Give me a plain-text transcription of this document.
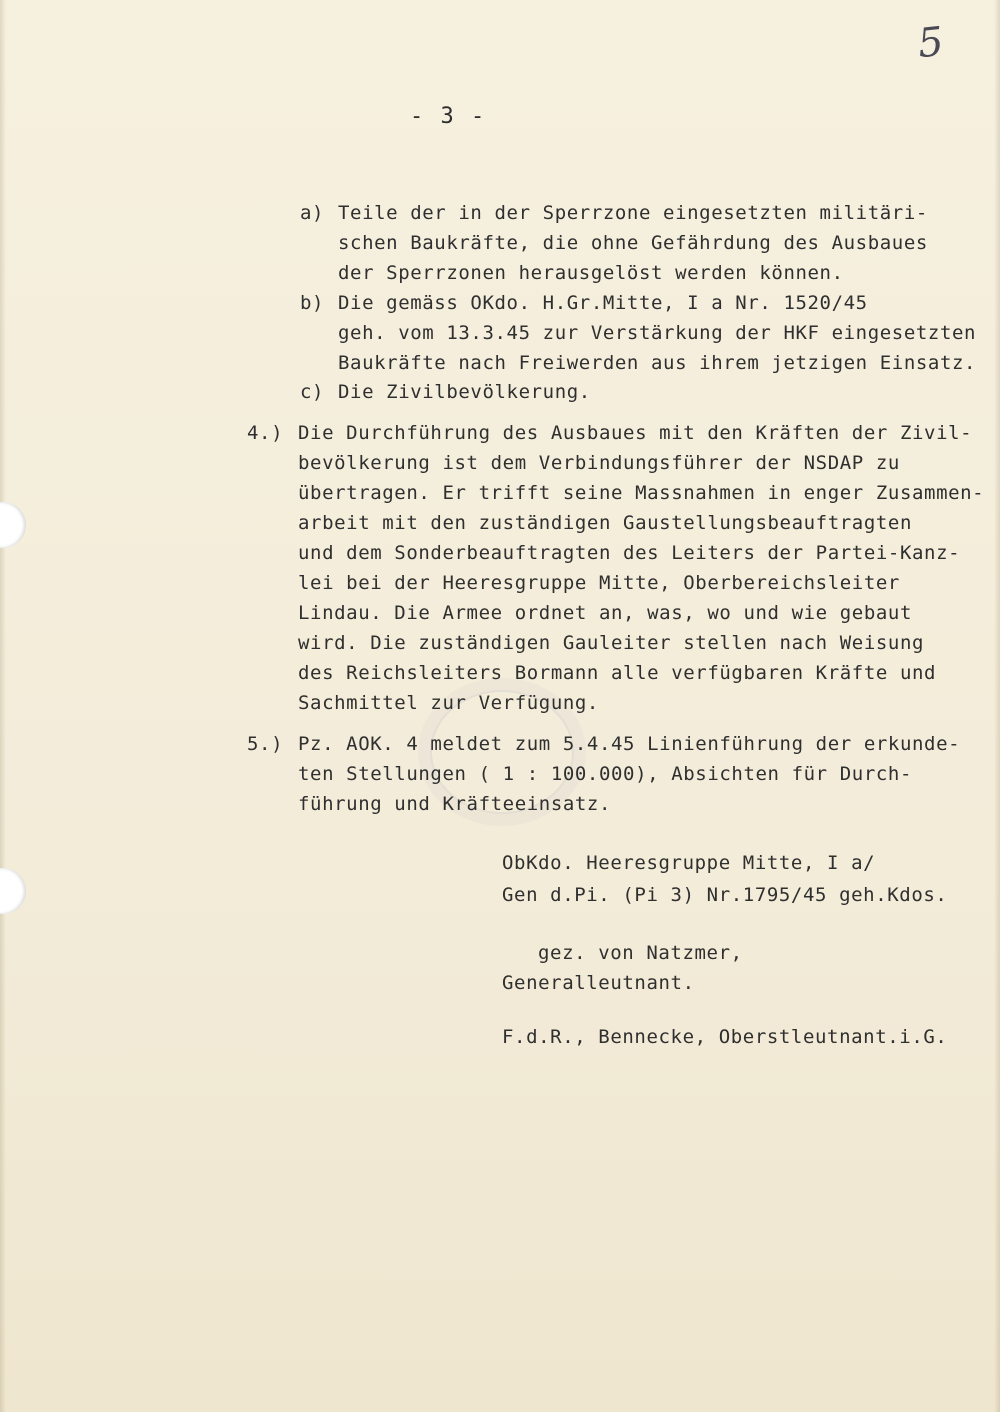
5
- 3 -
a) Teile der in der Sperrzone eingesetzten militäri-
schen Baukräfte, die ohne Gefährdung des Ausbaues
der Sperrzonen herausgelöst werden können.
b) Die gemäss OKdo. H.Gr.Mitte, I a Nr. 1520/45
geh. vom 13.3.45 zur Verstärkung der HKF eingesetzten
Baukräfte nach Freiwerden aus ihrem jetzigen Einsatz.
c) Die Zivilbevölkerung.
4.) Die Durchführung des Ausbaues mit den Kräften der Zivil-
bevölkerung ist dem Verbindungsführer der NSDAP zu
übertragen. Er trifft seine Massnahmen in enger Zusammen-
arbeit mit den zuständigen Gaustellungsbeauftragten
und dem Sonderbeauftragten des Leiters der Partei-Kanz-
lei bei der Heeresgruppe Mitte, Oberbereichsleiter
Lindau. Die Armee ordnet an, was, wo und wie gebaut
wird. Die zuständigen Gauleiter stellen nach Weisung
des Reichsleiters Bormann alle verfügbaren Kräfte und
Sachmittel zur Verfügung.
5.) Pz. AOK. 4 meldet zum 5.4.45 Linienführung der erkunde-
ten Stellungen ( 1 : 100.000), Absichten für Durch-
führung und Kräfteeinsatz.
ObKdo. Heeresgruppe Mitte, I a/
Gen d.Pi. (Pi 3) Nr.1795/45 geh.Kdos.
gez. von Natzmer,
Generalleutnant.
F.d.R., Bennecke, Oberstleutnant.i.G.
